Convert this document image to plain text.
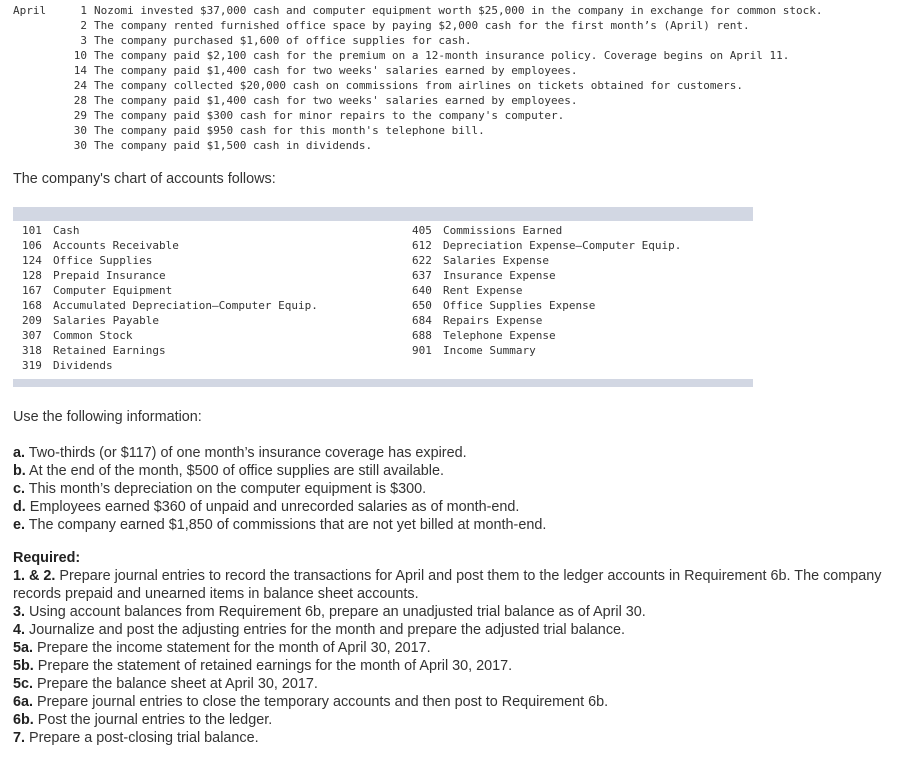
April	1 Nozomi invested $37,000 cash and computer equipment worth $25,000 in the company in exchange for common stock.
2 The company rented furnished office space by paying $2,000 cash for the first month’s (April) rent.
3 The company purchased $1,600 of office supplies for cash.
10 The company paid $2,100 cash for the premium on a 12-month insurance policy. Coverage begins on April 11.
14 The company paid $1,400 cash for two weeks' salaries earned by employees.
24 The company collected $20,000 cash on commissions from airlines on tickets obtained for customers.
28 The company paid $1,400 cash for two weeks' salaries earned by employees.
29 The company paid $300 cash for minor repairs to the company's computer.
30 The company paid $950 cash for this month's telephone bill.
30 The company paid $1,500 cash in dividends.
The company's chart of accounts follows:
101 Cash
106 Accounts Receivable
124 Office Supplies
128 Prepaid Insurance
167 Computer Equipment
168 Accumulated Depreciation—Computer Equip.
209 Salaries Payable
307 Common Stock
318 Retained Earnings
319 Dividends
405 Commissions Earned
612 Depreciation Expense—Computer Equip.
622 Salaries Expense
637 Insurance Expense
640 Rent Expense
650 Office Supplies Expense
684 Repairs Expense
688 Telephone Expense
901 Income Summary
Use the following information:
a. Two-thirds (or $117) of one month’s insurance coverage has expired.
b. At the end of the month, $500 of office supplies are still available.
c. This month’s depreciation on the computer equipment is $300.
d. Employees earned $360 of unpaid and unrecorded salaries as of month-end.
e. The company earned $1,850 of commissions that are not yet billed at month-end.
Required:
1. & 2. Prepare journal entries to record the transactions for April and post them to the ledger accounts in Requirement 6b. The company records prepaid and unearned items in balance sheet accounts.
3. Using account balances from Requirement 6b, prepare an unadjusted trial balance as of April 30.
4. Journalize and post the adjusting entries for the month and prepare the adjusted trial balance.
5a. Prepare the income statement for the month of April 30, 2017.
5b. Prepare the statement of retained earnings for the month of April 30, 2017.
5c. Prepare the balance sheet at April 30, 2017.
6a. Prepare journal entries to close the temporary accounts and then post to Requirement 6b.
6b. Post the journal entries to the ledger.
7. Prepare a post-closing trial balance.
